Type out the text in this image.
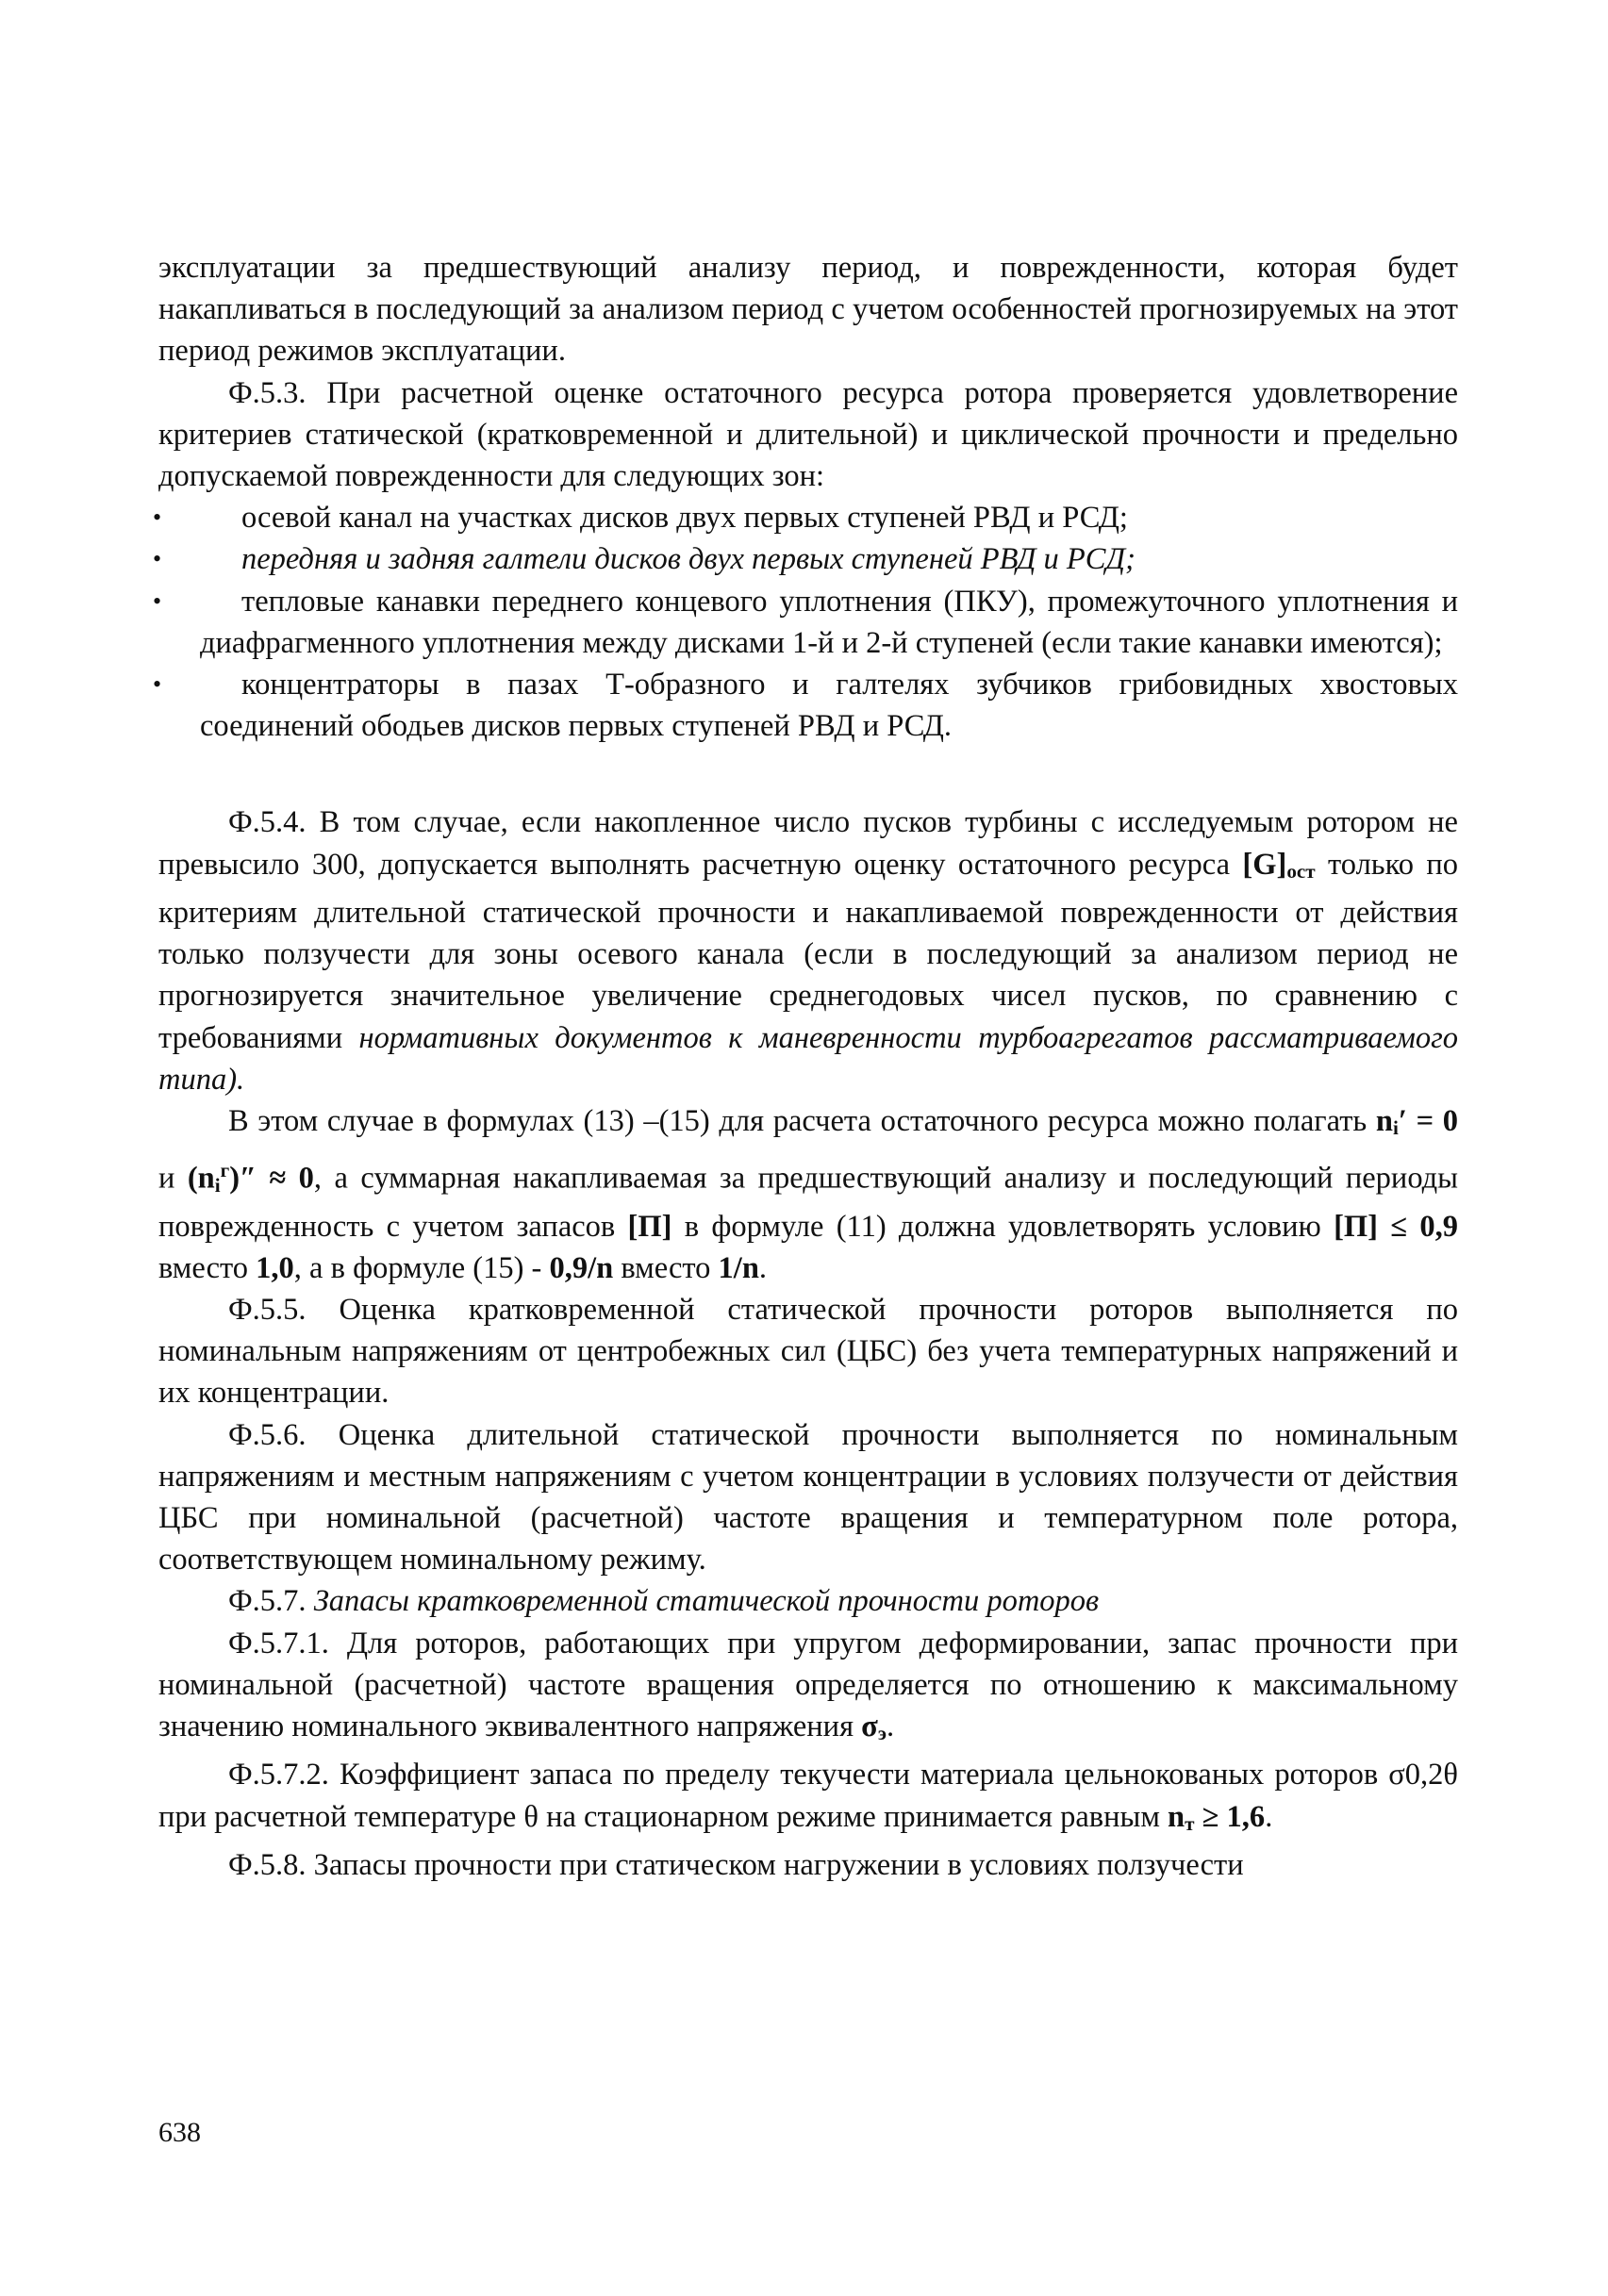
эксплуатации за предшествующий анализу период, и поврежденности, которая будет накапливаться в последующий за анализом период с учетом особенностей прогнозируемых на этот период режимов эксплуатации.

Ф.5.3. При расчетной оценке остаточного ресурса ротора проверяется удовлетворение критериев статической (кратковременной и длительной) и циклической прочности и предельно допускаемой поврежденности для следующих зон:

•	осевой канал на участках дисков двух первых ступеней РВД и РСД;
•	передняя и задняя галтели дисков двух первых ступеней РВД и РСД;
•	тепловые канавки переднего концевого уплотнения (ПКУ), промежуточного уплотнения и диафрагменного уплотнения между дисками 1-й и 2-й ступеней (если такие канавки имеются);
•	концентраторы в пазах Т-образного и галтелях зубчиков грибовидных хвостовых соединений ободьев дисков первых ступеней РВД и РСД.

Ф.5.4. В том случае, если накопленное число пусков турбины с исследуемым ротором не превысило 300, допускается выполнять расчетную оценку остаточного ресурса [G]ост только по критериям длительной статической прочности и накапливаемой поврежденности от действия только ползучести для зоны осевого канала (если в последующий за анализом период не прогнозируется значительное увеличение среднегодовых чисел пусков, по сравнению с требованиями нормативных документов к маневренности турбоагрегатов рассматриваемого типа).

В этом случае в формулах (13) –(15) для расчета остаточного ресурса можно полагать ni′ = 0 и $(ni^г)'' \approx 0$, а суммарная накапливаемая за предшествующий анализу и последующий периоды поврежденность с учетом запасов [П] в формуле (11) должна удовлетворять условию [П] ≤ 0,9 вместо 1,0, а в формуле (15) - 0,9/n вместо 1/n.

Ф.5.5. Оценка кратковременной статической прочности роторов выполняется по номинальным напряжениям от центробежных сил (ЦБС) без учета температурных напряжений и их концентрации.

Ф.5.6. Оценка длительной статической прочности выполняется по номинальным напряжениям и местным напряжениям с учетом концентрации в условиях ползучести от действия ЦБС при номинальной (расчетной) частоте вращения и температурном поле ротора, соответствующем номинальному режиму.

Ф.5.7. Запасы кратковременной статической прочности роторов

Ф.5.7.1. Для роторов, работающих при упругом деформировании, запас прочности при номинальной (расчетной) частоте вращения определяется по отношению к максимальному значению номинального эквивалентного напряжения σэ.

Ф.5.7.2. Коэффициент запаса по пределу текучести материала цельнокованых роторов σ0,2θ при расчетной температуре θ на стационарном режиме принимается равным nт ≥ 1,6.

Ф.5.8. Запасы прочности при статическом нагружении в условиях ползучести

638
